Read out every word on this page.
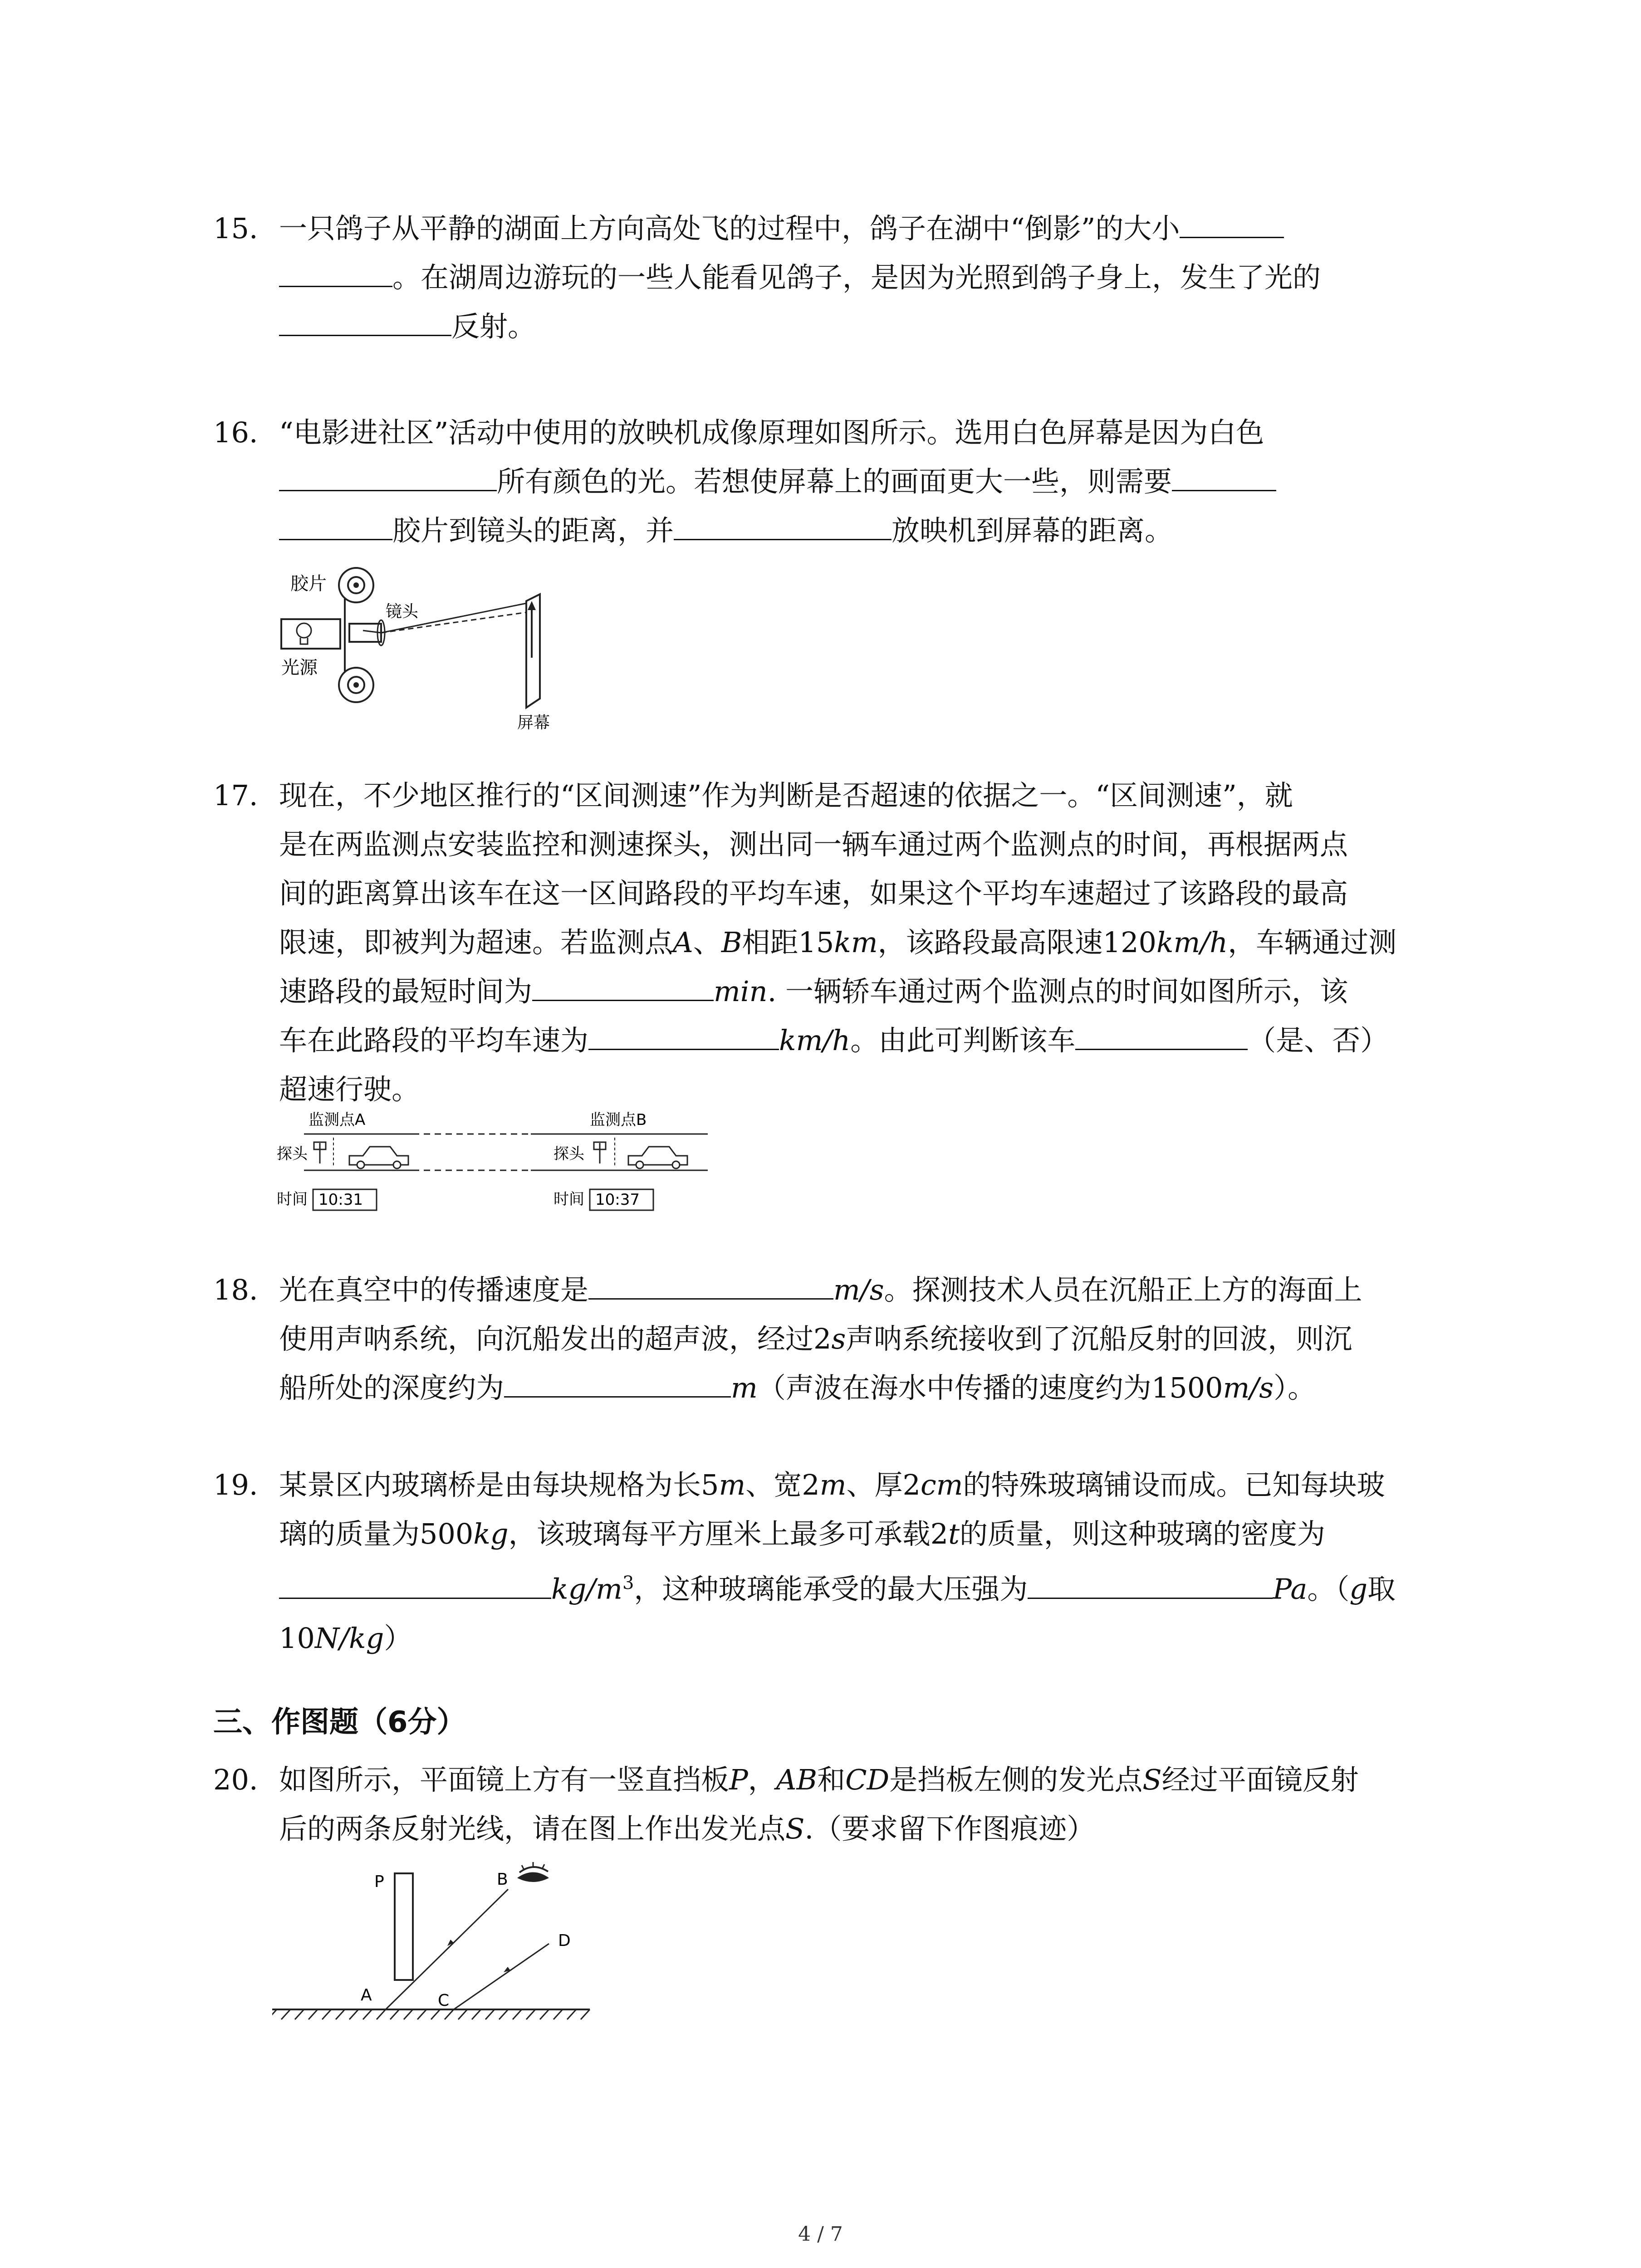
15. 一只鸽子从平静的湖面上方向高处飞的过程中，鸽子在湖中“倒影”的大小
。在湖周边游玩的一些人能看见鸽子，是因为光照到鸽子身上，发生了光的
反射。
16. “电影进社区”活动中使用的放映机成像原理如图所示。选用白色屏幕是因为白色
所有颜色的光。若想使屏幕上的画面更大一些，则需要
胶片到镜头的距离，并	放映机到屏幕的距离。
胶片
光源
镜头
屏幕
17. 现在，不少地区推行的“区间测速”作为判断是否超速的依据之一。“区间测速”，就
是在两监测点安装监控和测速探头，测出同一辆车通过两个监测点的时间，再根据两点
间的距离算出该车在这一区间路段的平均车速，如果这个平均车速超过了该路段的最高
限速，即被判为超速。若监测点A、B相距15km，该路段最高限速120km/h，车辆通过测
速路段的最短时间为	min. 一辆轿车通过两个监测点的时间如图所示，该
车在此路段的平均车速为	km/h。由此可判断该车	（是、否）
超速行驶。
监测点A	监测点B
探头	探头
时间 10:31	时间 10:37
18. 光在真空中的传播速度是	m/s。探测技术人员在沉船正上方的海面上
使用声呐系统，向沉船发出的超声波，经过2s声呐系统接收到了沉船反射的回波，则沉
船所处的深度约为	m（声波在海水中传播的速度约为1500m/s）。
19. 某景区内玻璃桥是由每块规格为长5m、宽2m、厚2cm的特殊玻璃铺设而成。已知每块玻
璃的质量为500kg，该玻璃每平方厘米上最多可承载2t的质量，则这种玻璃的密度为
$kg/m^3$，这种玻璃能承受的最大压强为	Pa。（g取
10N/kg）
三、作图题（6分）
20. 如图所示，平面镜上方有一竖直挡板P，AB和CD是挡板左侧的发光点S经过平面镜反射
后的两条反射光线，请在图上作出发光点S.（要求留下作图痕迹）
P
A
B
C
D
4 / 7
